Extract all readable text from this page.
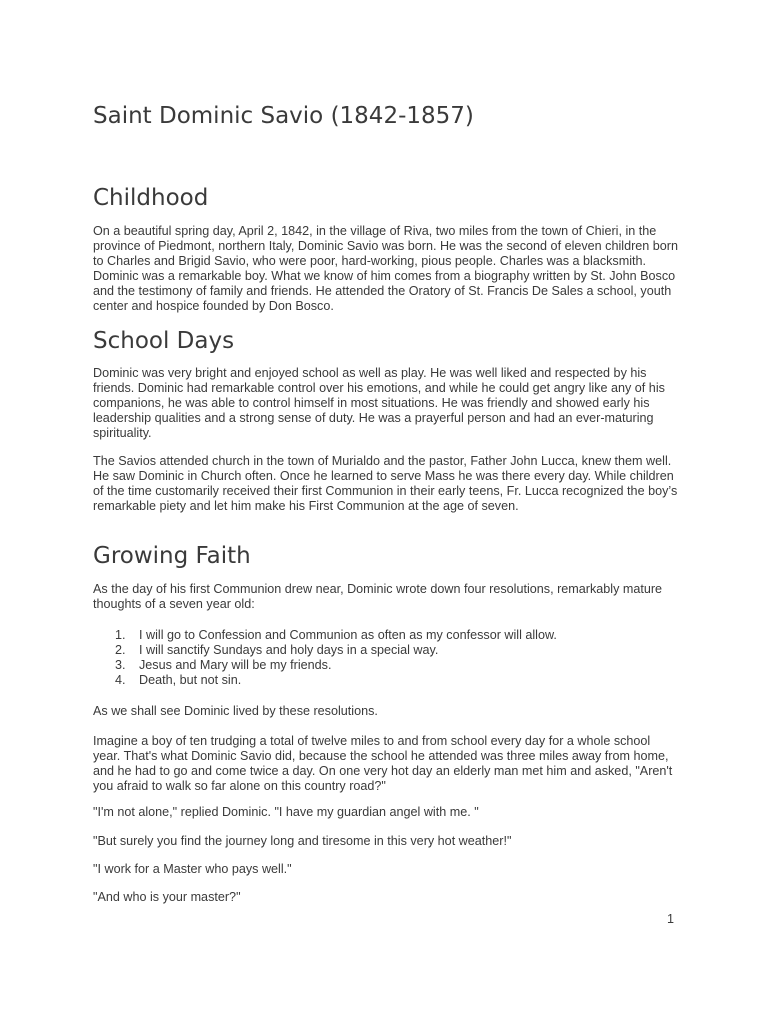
Saint Dominic Savio (1842-1857)
Childhood

On a beautiful spring day, April 2, 1842, in the village of Riva, two miles from the town of Chieri, in the province of Piedmont, northern Italy, Dominic Savio was born. He was the second of eleven children born to Charles and Brigid Savio, who were poor, hard-working, pious people. Charles was a blacksmith. Dominic was a remarkable boy. What we know of him comes from a biography written by St. John Bosco and the testimony of family and friends. He attended the Oratory of St. Francis De Sales a school, youth center and hospice founded by Don Bosco.

School Days

Dominic was very bright and enjoyed school as well as play. He was well liked and respected by his friends. Dominic had remarkable control over his emotions, and while he could get angry like any of his companions, he was able to control himself in most situations. He was friendly and showed early his leadership qualities and a strong sense of duty. He was a prayerful person and had an ever-maturing spirituality.

The Savios attended church in the town of Murialdo and the pastor, Father John Lucca, knew them well. He saw Dominic in Church often. Once he learned to serve Mass he was there every day. While children of the time customarily received their first Communion in their early teens, Fr. Lucca recognized the boy’s remarkable piety and let him make his First Communion at the age of seven.

Growing Faith

As the day of his first Communion drew near, Dominic wrote down four resolutions, remarkably mature thoughts of a seven year old:

1. I will go to Confession and Communion as often as my confessor will allow.
2. I will sanctify Sundays and holy days in a special way.
3. Jesus and Mary will be my friends.
4. Death, but not sin.

As we shall see Dominic lived by these resolutions.

Imagine a boy of ten trudging a total of twelve miles to and from school every day for a whole school year. That's what Dominic Savio did, because the school he attended was three miles away from home, and he had to go and come twice a day. On one very hot day an elderly man met him and asked, "Aren't you afraid to walk so far alone on this country road?"

"I'm not alone," replied Dominic. "I have my guardian angel with me. "

"But surely you find the journey long and tiresome in this very hot weather!"

"I work for a Master who pays well."

"And who is your master?"

1
